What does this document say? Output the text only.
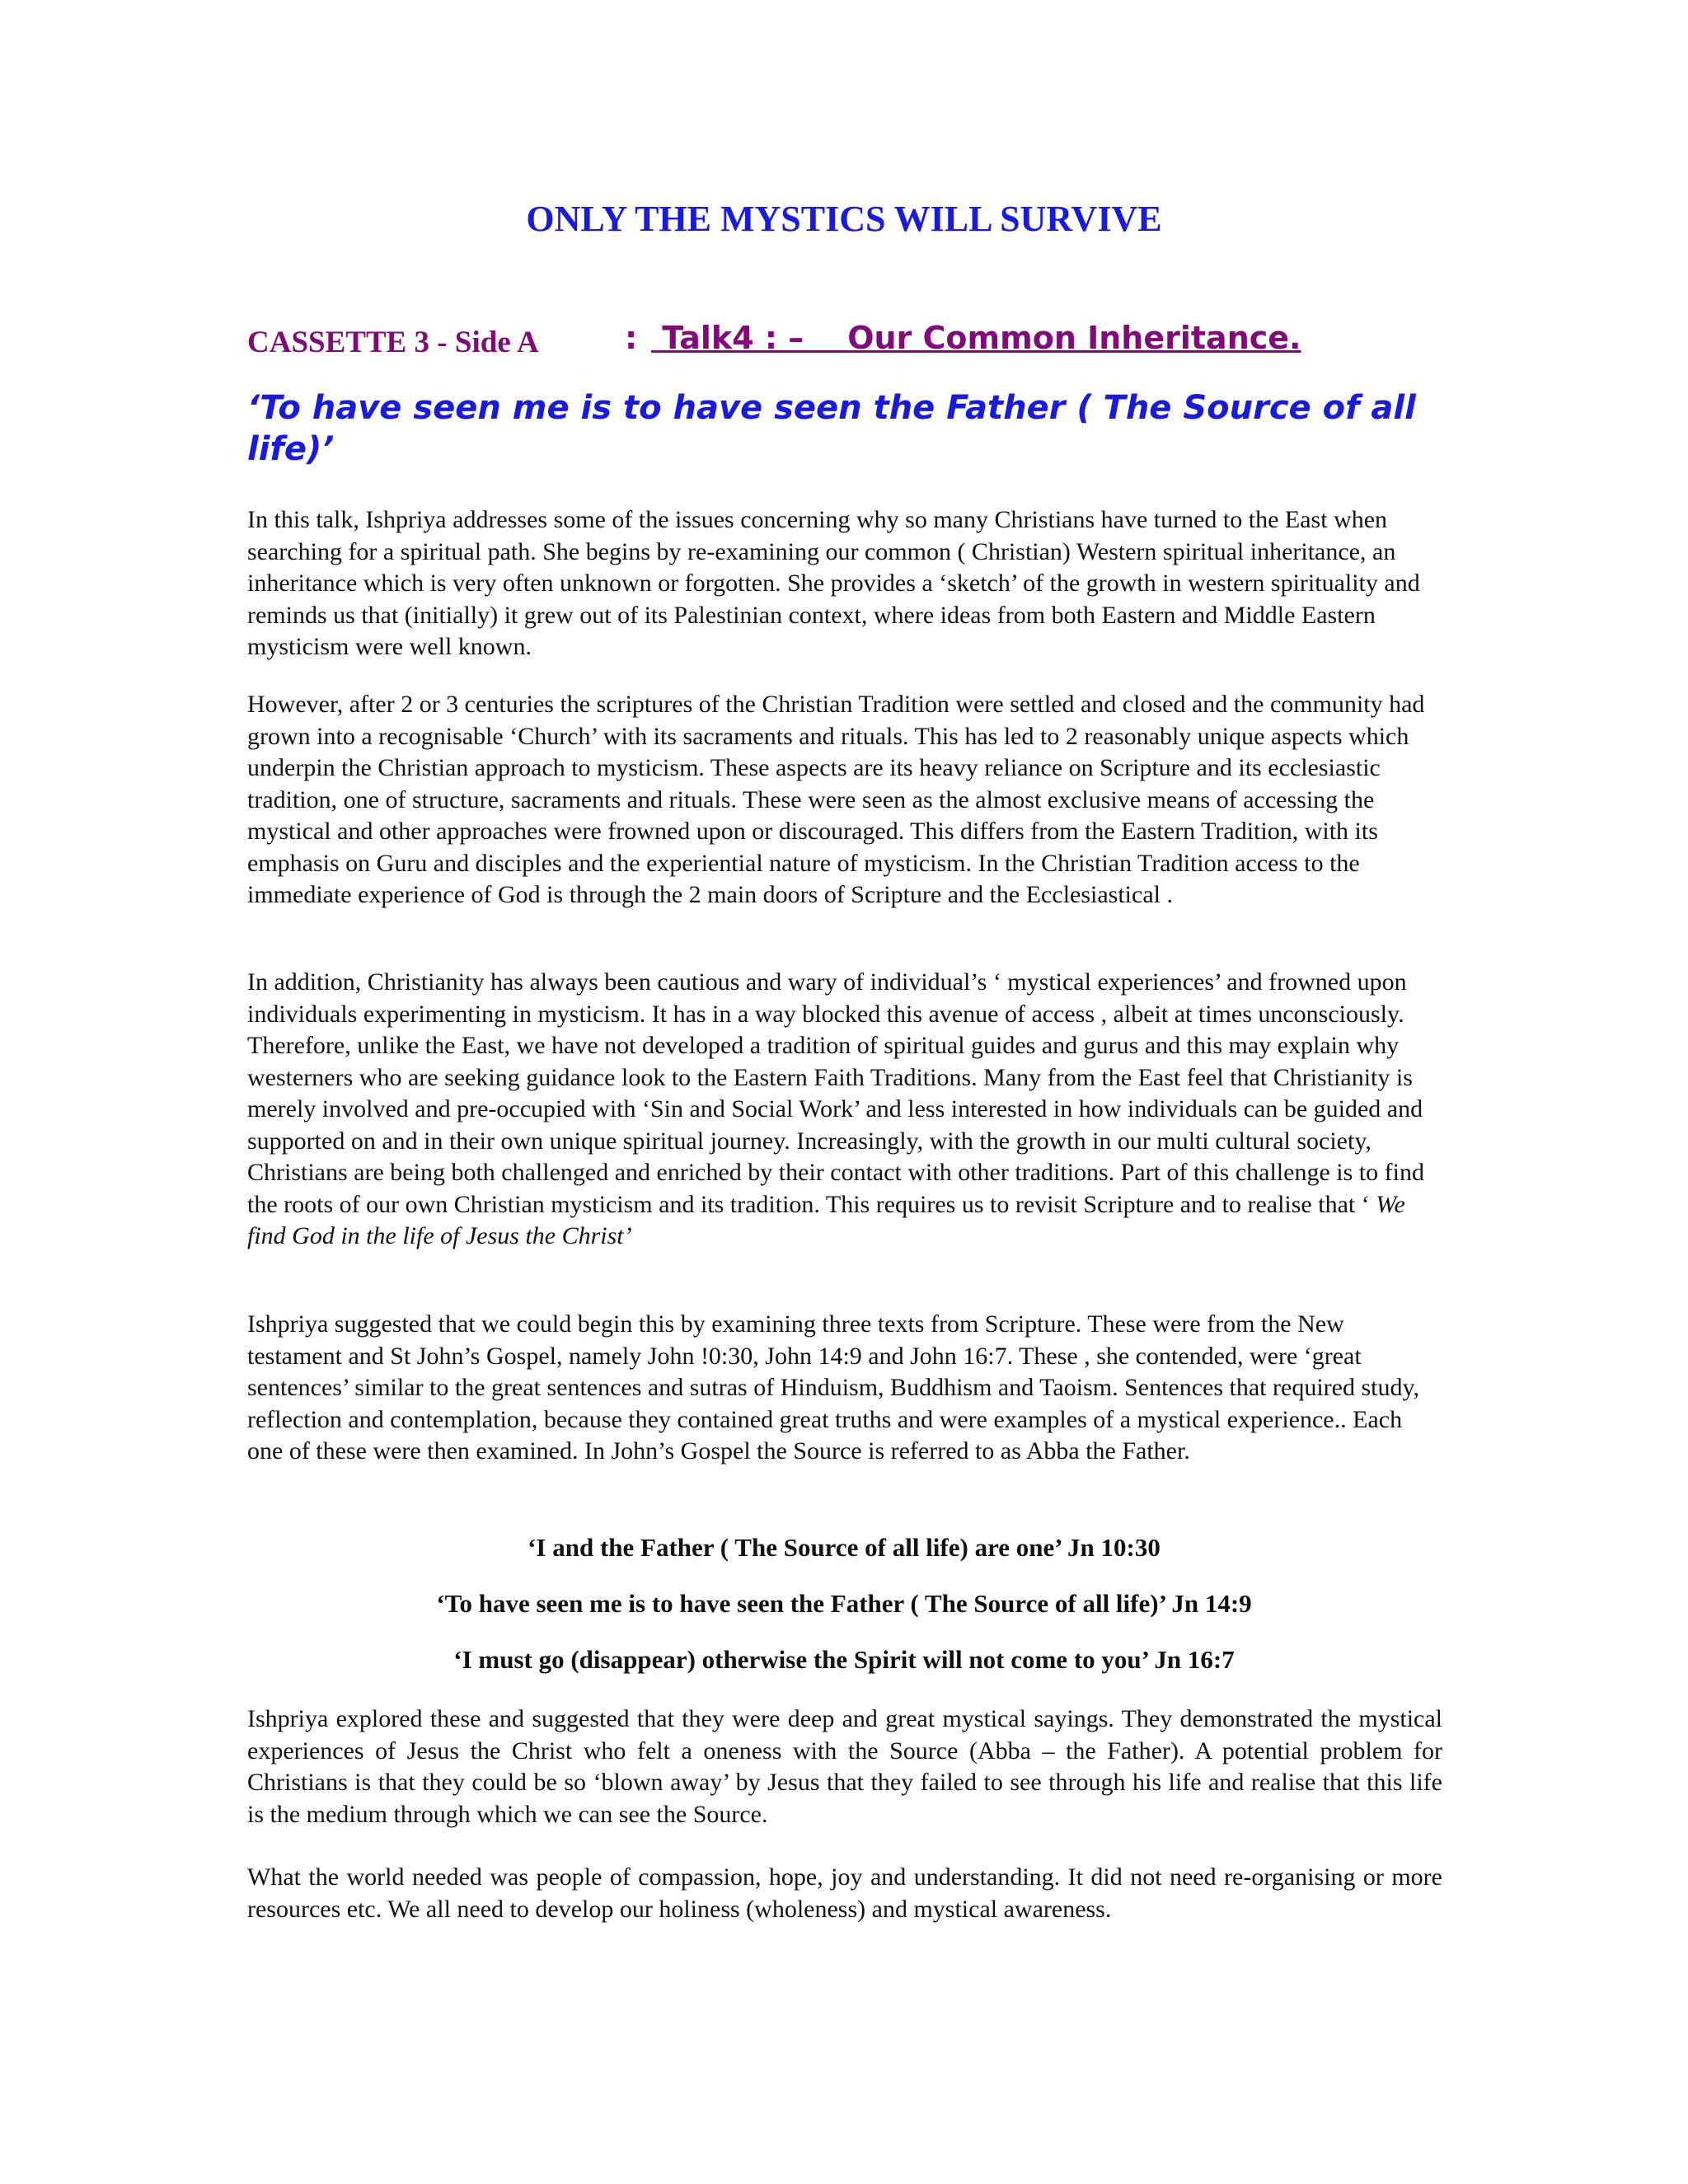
ONLY THE MYSTICS WILL SURVIVE
CASSETTE 3 - Side A	: Talk4 : –    Our Common Inheritance.
‘To have seen me is to have seen the Father ( The Source of all life)’

In this talk, Ishpriya addresses some of the issues concerning why so many Christians have turned to the East when searching for a spiritual path. She begins by re-examining our common ( Christian) Western spiritual inheritance, an inheritance which is very often unknown or forgotten. She provides a ‘sketch’ of the growth in western spirituality and reminds us that (initially) it grew out of its Palestinian context, where ideas from both Eastern and Middle Eastern mysticism were well known.

However, after 2 or 3 centuries the scriptures of the Christian Tradition were settled and closed and the community had grown into a recognisable ‘Church’ with its sacraments and rituals. This has led to 2 reasonably unique aspects which underpin the Christian approach to mysticism. These aspects are its heavy reliance on Scripture and its ecclesiastic tradition, one of structure, sacraments and rituals. These were seen as the almost exclusive means of accessing the mystical and other approaches were frowned upon or discouraged. This differs from the Eastern Tradition, with its emphasis on Guru and disciples and the experiential nature of mysticism. In the Christian Tradition access to the immediate experience of God is through the 2 main doors of Scripture and the Ecclesiastical .

In addition, Christianity has always been cautious and wary of individual’s ‘ mystical experiences’ and frowned upon individuals experimenting in mysticism. It has in a way blocked this avenue of access , albeit at times unconsciously. Therefore, unlike the East, we have not developed a tradition of spiritual guides and gurus and this may explain why westerners who are seeking guidance look to the Eastern Faith Traditions. Many from the East feel that Christianity is merely involved and pre-occupied with ‘Sin and Social Work’ and less interested in how individuals can be guided and supported on and in their own unique spiritual journey. Increasingly, with the growth in our multi cultural society, Christians are being both challenged and enriched by their contact with other traditions. Part of this challenge is to find the roots of our own Christian mysticism and its tradition. This requires us to revisit Scripture and to realise that ‘ We find God in the life of Jesus the Christ’

Ishpriya suggested that we could begin this by examining three texts from Scripture. These were from the New testament and St John’s Gospel, namely John !0:30, John 14:9 and John 16:7. These , she contended, were ‘great sentences’ similar to the great sentences and sutras of Hinduism, Buddhism and Taoism. Sentences that required study, reflection and contemplation, because they contained great truths and were examples of a mystical experience.. Each one of these were then examined. In John’s Gospel the Source is referred to as Abba the Father.

‘I and the Father ( The Source of all life) are one’ Jn 10:30

‘To have seen me is to have seen the Father ( The Source of all life)’ Jn 14:9

‘I must go (disappear) otherwise the Spirit will not come to you’ Jn 16:7

Ishpriya explored these and suggested that they were deep and great mystical sayings. They demonstrated the mystical experiences of Jesus the Christ who felt a oneness with the Source (Abba – the Father). A potential problem for Christians is that they could be so ‘blown away’ by Jesus that they failed to see through his life and realise that this life is the medium through which we can see the Source.

What the world needed was people of compassion, hope, joy and understanding. It did not need re-organising or more resources etc. We all need to develop our holiness (wholeness) and mystical awareness.
